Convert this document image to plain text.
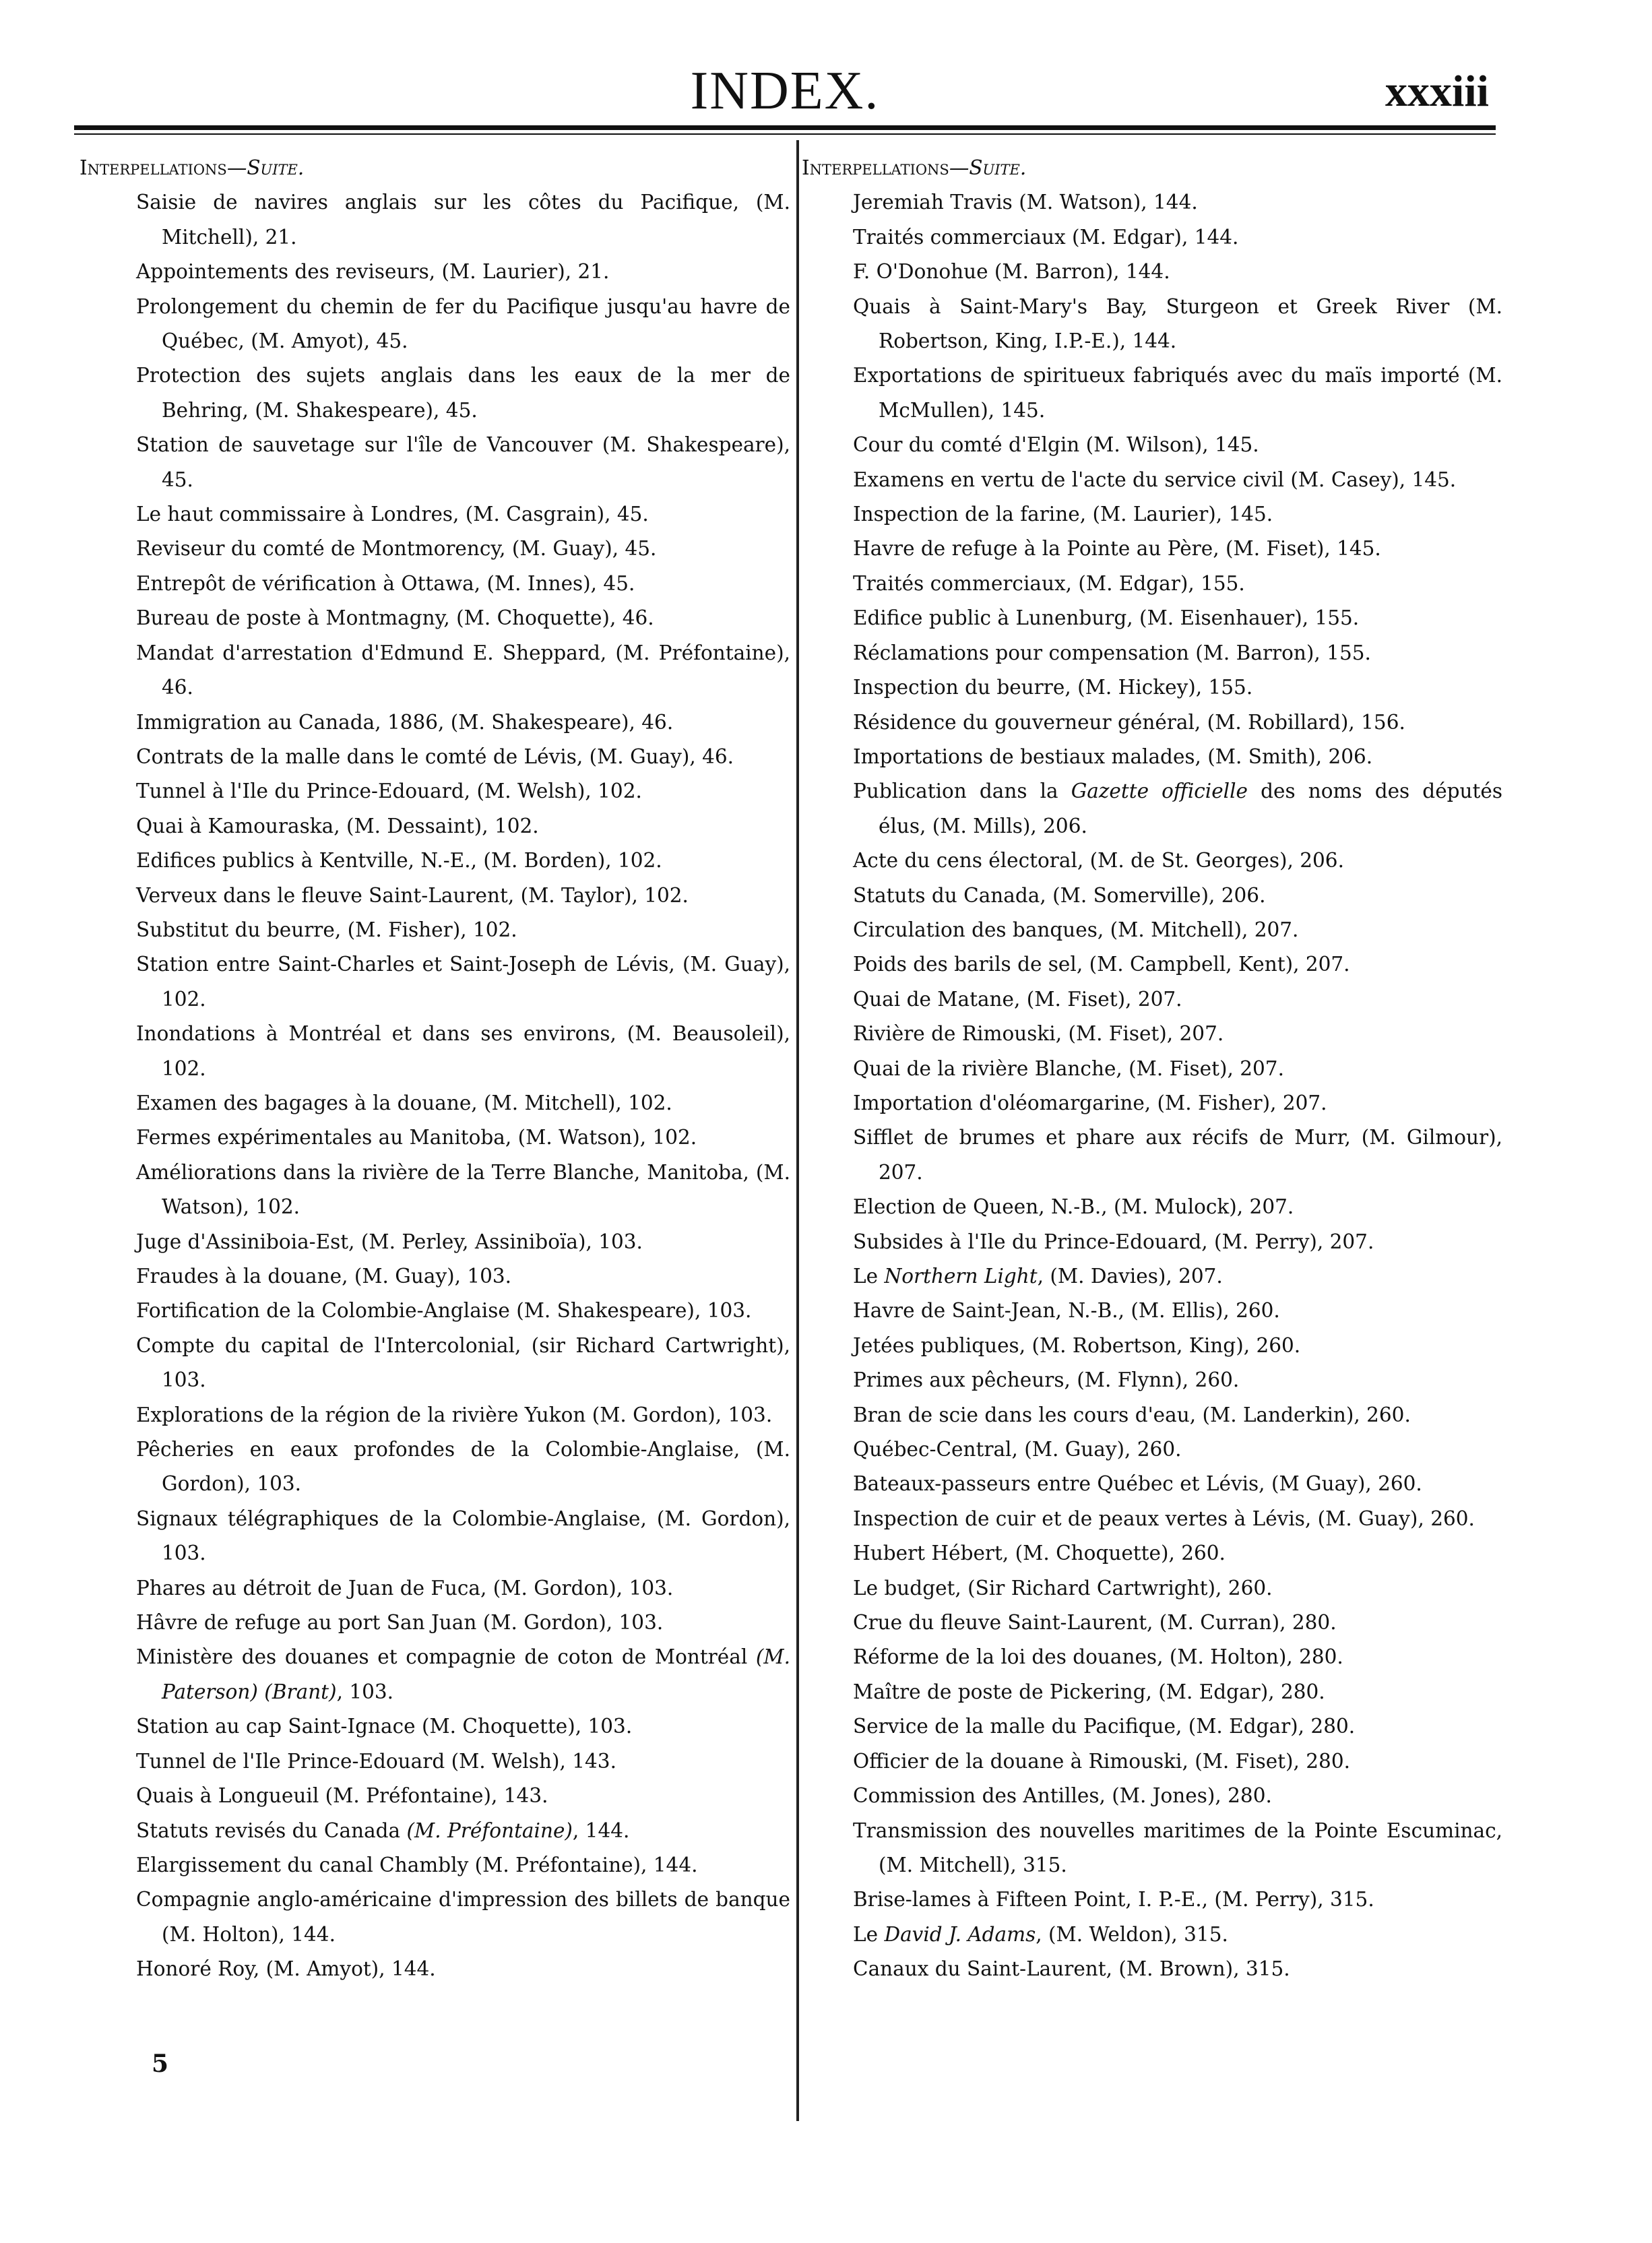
INDEX.	xxxiii
Interpellations—Suite.
Saisie de navires anglais sur les côtes du Pacifique, (M. Mitchell), 21.
Appointements des reviseurs, (M. Laurier), 21.
Prolongement du chemin de fer du Pacifique jusqu'au havre de Québec, (M. Amyot), 45.
Protection des sujets anglais dans les eaux de la mer de Behring, (M. Shakespeare), 45.
Station de sauvetage sur l'île de Vancouver (M. Shakespeare), 45.
Le haut commissaire à Londres, (M. Casgrain), 45.
Reviseur du comté de Montmorency, (M. Guay), 45.
Entrepôt de vérification à Ottawa, (M. Innes), 45.
Bureau de poste à Montmagny, (M. Choquette), 46.
Mandat d'arrestation d'Edmund E. Sheppard, (M. Préfontaine), 46.
Immigration au Canada, 1886, (M. Shakespeare), 46.
Contrats de la malle dans le comté de Lévis, (M. Guay), 46.
Tunnel à l'Ile du Prince-Edouard, (M. Welsh), 102.
Quai à Kamouraska, (M. Dessaint), 102.
Edifices publics à Kentville, N.-E., (M. Borden), 102.
Verveux dans le fleuve Saint-Laurent, (M. Taylor), 102.
Substitut du beurre, (M. Fisher), 102.
Station entre Saint-Charles et Saint-Joseph de Lévis, (M. Guay), 102.
Inondations à Montréal et dans ses environs, (M. Beausoleil), 102.
Examen des bagages à la douane, (M. Mitchell), 102.
Fermes expérimentales au Manitoba, (M. Watson), 102.
Améliorations dans la rivière de la Terre Blanche, Manitoba, (M. Watson), 102.
Juge d'Assiniboia-Est, (M. Perley, Assiniboïa), 103.
Fraudes à la douane, (M. Guay), 103.
Fortification de la Colombie-Anglaise (M. Shakespeare), 103.
Compte du capital de l'Intercolonial, (sir Richard Cartwright), 103.
Explorations de la région de la rivière Yukon (M. Gordon), 103.
Pêcheries en eaux profondes de la Colombie-Anglaise, (M. Gordon), 103.
Signaux télégraphiques de la Colombie-Anglaise, (M. Gordon), 103.
Phares au détroit de Juan de Fuca, (M. Gordon), 103.
Hâvre de refuge au port San Juan (M. Gordon), 103.
Ministère des douanes et compagnie de coton de Montréal (M. Paterson) (Brant), 103.
Station au cap Saint-Ignace (M. Choquette), 103.
Tunnel de l'Ile Prince-Edouard (M. Welsh), 143.
Quais à Longueuil (M. Préfontaine), 143.
Statuts revisés du Canada (M. Préfontaine), 144.
Elargissement du canal Chambly (M. Préfontaine), 144.
Compagnie anglo-américaine d'impression des billets de banque (M. Holton), 144.
Honoré Roy, (M. Amyot), 144.
Interpellations—Suite.
Jeremiah Travis (M. Watson), 144.
Traités commerciaux (M. Edgar), 144.
F. O'Donohue (M. Barron), 144.
Quais à Saint-Mary's Bay, Sturgeon et Greek River (M. Robertson, King, I.P.-E.), 144.
Exportations de spiritueux fabriqués avec du maïs importé (M. McMullen), 145.
Cour du comté d'Elgin (M. Wilson), 145.
Examens en vertu de l'acte du service civil (M. Casey), 145.
Inspection de la farine, (M. Laurier), 145.
Havre de refuge à la Pointe au Père, (M. Fiset), 145.
Traités commerciaux, (M. Edgar), 155.
Edifice public à Lunenburg, (M. Eisenhauer), 155.
Réclamations pour compensation (M. Barron), 155.
Inspection du beurre, (M. Hickey), 155.
Résidence du gouverneur général, (M. Robillard), 156.
Importations de bestiaux malades, (M. Smith), 206.
Publication dans la Gazette officielle des noms des députés élus, (M. Mills), 206.
Acte du cens électoral, (M. de St. Georges), 206.
Statuts du Canada, (M. Somerville), 206.
Circulation des banques, (M. Mitchell), 207.
Poids des barils de sel, (M. Campbell, Kent), 207.
Quai de Matane, (M. Fiset), 207.
Rivière de Rimouski, (M. Fiset), 207.
Quai de la rivière Blanche, (M. Fiset), 207.
Importation d'oléomargarine, (M. Fisher), 207.
Sifflet de brumes et phare aux récifs de Murr, (M. Gilmour), 207.
Election de Queen, N.-B., (M. Mulock), 207.
Subsides à l'Ile du Prince-Edouard, (M. Perry), 207.
Le Northern Light, (M. Davies), 207.
Havre de Saint-Jean, N.-B., (M. Ellis), 260.
Jetées publiques, (M. Robertson, King), 260.
Primes aux pêcheurs, (M. Flynn), 260.
Bran de scie dans les cours d'eau, (M. Landerkin), 260.
Québec-Central, (M. Guay), 260.
Bateaux-passeurs entre Québec et Lévis, (M Guay), 260.
Inspection de cuir et de peaux vertes à Lévis, (M. Guay), 260.
Hubert Hébert, (M. Choquette), 260.
Le budget, (Sir Richard Cartwright), 260.
Crue du fleuve Saint-Laurent, (M. Curran), 280.
Réforme de la loi des douanes, (M. Holton), 280.
Maître de poste de Pickering, (M. Edgar), 280.
Service de la malle du Pacifique, (M. Edgar), 280.
Officier de la douane à Rimouski, (M. Fiset), 280.
Commission des Antilles, (M. Jones), 280.
Transmission des nouvelles maritimes de la Pointe Escuminac, (M. Mitchell), 315.
Brise-lames à Fifteen Point, I. P.-E., (M. Perry), 315.
Le David J. Adams, (M. Weldon), 315.
Canaux du Saint-Laurent, (M. Brown), 315.
5
